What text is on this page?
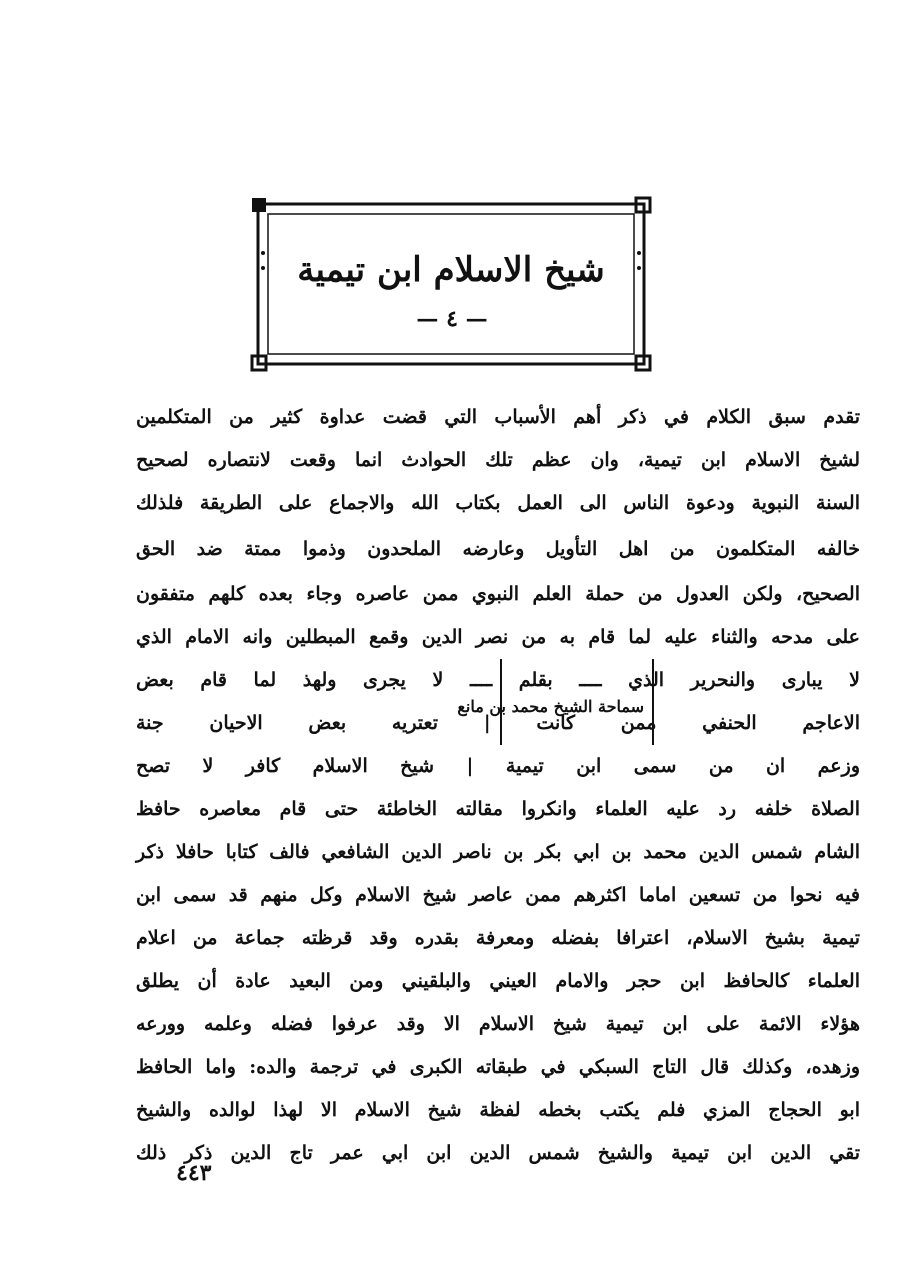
شيخ الاسلام ابن تيمية
— ٤ —
تقدم سبق الكلام في ذكر أهم الأسباب التي قضت عداوة كثير من المتكلمين
لشيخ الاسلام ابن تيمية، وان عظم تلك الحوادث انما وقعت لانتصاره لصحيح
السنة النبوية ودعوة الناس الى العمل بكتاب الله والاجماع على الطريقة فلذلك
خالفه المتكلمون من اهل التأويل وعارضه الملحدون وذموا ممتة ضد الحق
الصحيح، ولكن العدول من حملة العلم النبوي ممن عاصره وجاء بعده كلهم متفقون
على مدحه والثناء عليه لما قام به من نصر الدين وقمع المبطلين وانه الامام الذي
لا يبارى والنحرير الذي ــــ بقلم ــــ لا يجرى ولهذ لما قام بعض
سماحة الشيخ محمد بن مانع
الاعاجم الحنفي ممن كانت | تعتريه بعض الاحيان جنة
وزعم ان من سمى ابن تيمية | شيخ الاسلام كافر لا تصح
الصلاة خلفه رد عليه العلماء وانكروا مقالته الخاطئة حتى قام معاصره حافظ
الشام شمس الدين محمد بن ابي بكر بن ناصر الدين الشافعي فالف كتابا حافلا ذكر
فيه نحوا من تسعين اماما اكثرهم ممن عاصر شيخ الاسلام وكل منهم قد سمى ابن
تيمية بشيخ الاسلام، اعترافا بفضله ومعرفة بقدره وقد قرظته جماعة من اعلام
العلماء كالحافظ ابن حجر والامام العيني والبلقيني ومن البعيد عادة أن يطلق
هؤلاء الائمة على ابن تيمية شيخ الاسلام الا وقد عرفوا فضله وعلمه وورعه
وزهده، وكذلك قال التاج السبكي في طبقاته الكبرى في ترجمة والده: واما الحافظ
ابو الحجاج المزي فلم يكتب بخطه لفظة شيخ الاسلام الا لهذا لوالده والشيخ
تقي الدين ابن تيمية والشيخ شمس الدين ابن ابي عمر تاج الدين ذكر ذلك
٤٤٣
